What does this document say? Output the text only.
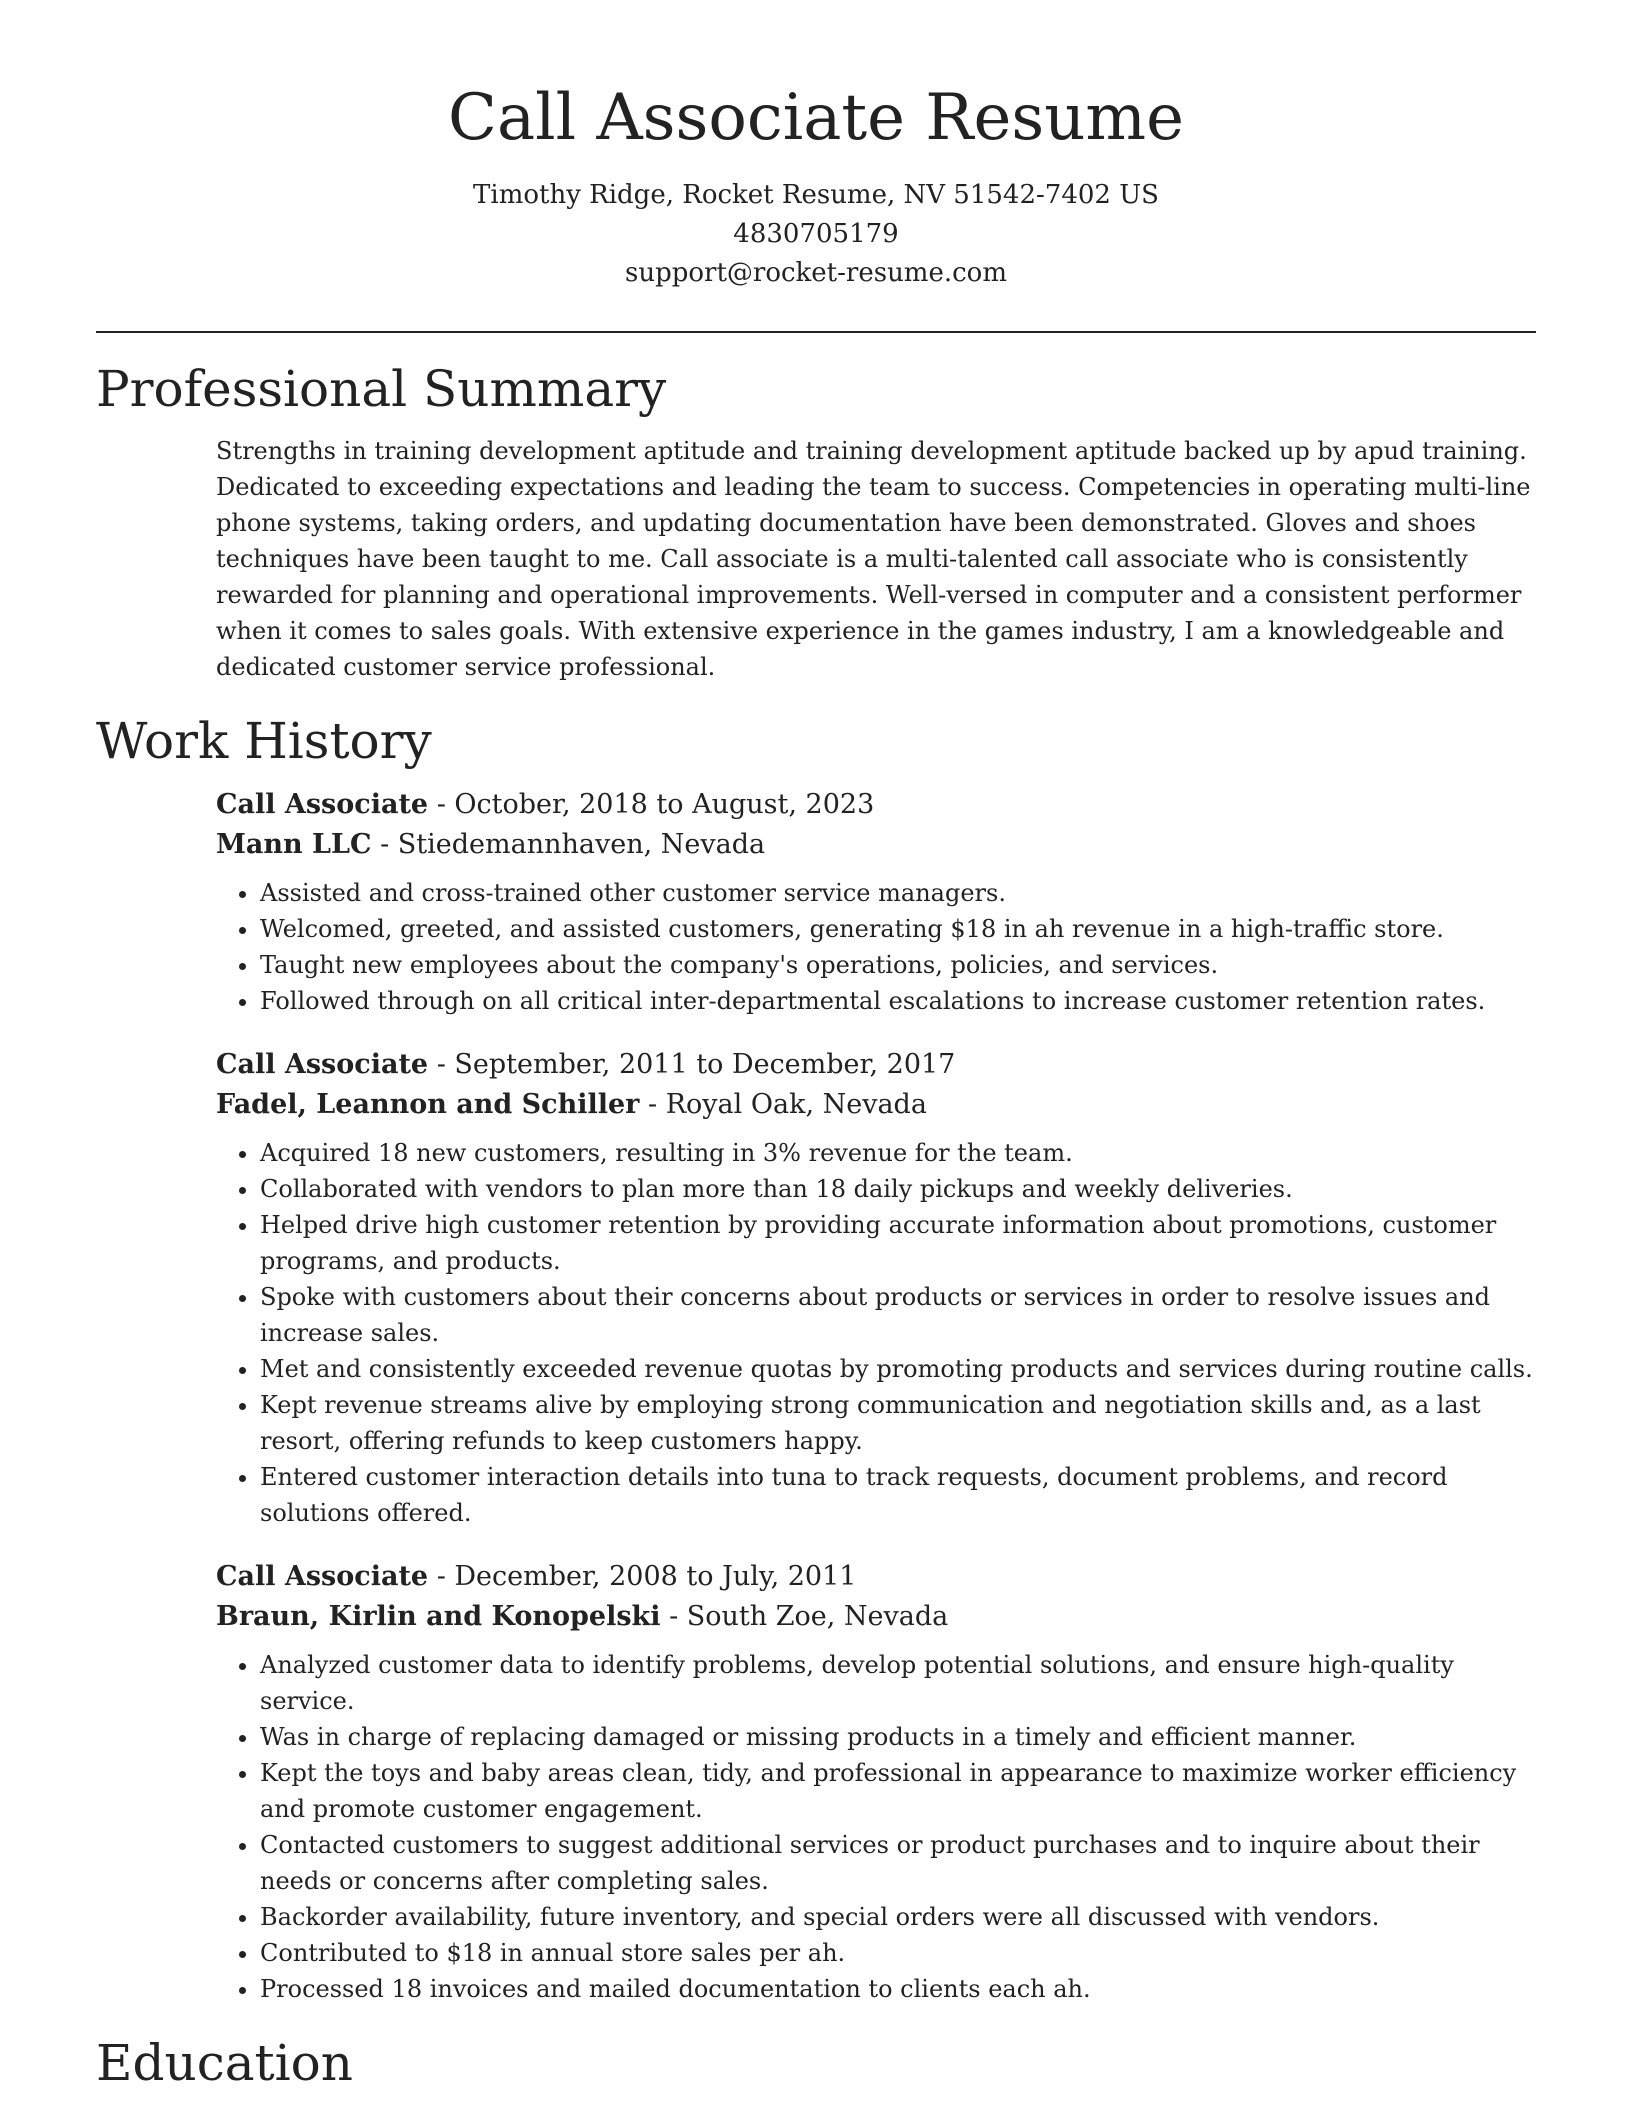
Call Associate Resume
Timothy Ridge, Rocket Resume, NV 51542-7402 US
4830705179
support@rocket-resume.com
Professional Summary

Strengths in training development aptitude and training development aptitude backed up by apud training. Dedicated to exceeding expectations and leading the team to success. Competencies in operating multi-line phone systems, taking orders, and updating documentation have been demonstrated. Gloves and shoes techniques have been taught to me. Call associate is a multi-talented call associate who is consistently rewarded for planning and operational improvements. Well-versed in computer and a consistent performer when it comes to sales goals. With extensive experience in the games industry, I am a knowledgeable and dedicated customer service professional.

Work History
Call Associate - October, 2018 to August, 2023
Mann LLC - Stiedemannhaven, Nevada
• Assisted and cross-trained other customer service managers.
• Welcomed, greeted, and assisted customers, generating $18 in ah revenue in a high-traffic store.
• Taught new employees about the company's operations, policies, and services.
• Followed through on all critical inter-departmental escalations to increase customer retention rates.
Call Associate - September, 2011 to December, 2017
Fadel, Leannon and Schiller - Royal Oak, Nevada
• Acquired 18 new customers, resulting in 3% revenue for the team.
• Collaborated with vendors to plan more than 18 daily pickups and weekly deliveries.
• Helped drive high customer retention by providing accurate information about promotions, customer programs, and products.
• Spoke with customers about their concerns about products or services in order to resolve issues and increase sales.
• Met and consistently exceeded revenue quotas by promoting products and services during routine calls.
• Kept revenue streams alive by employing strong communication and negotiation skills and, as a last resort, offering refunds to keep customers happy.
• Entered customer interaction details into tuna to track requests, document problems, and record solutions offered.
Call Associate - December, 2008 to July, 2011
Braun, Kirlin and Konopelski - South Zoe, Nevada
• Analyzed customer data to identify problems, develop potential solutions, and ensure high-quality service.
• Was in charge of replacing damaged or missing products in a timely and efficient manner.
• Kept the toys and baby areas clean, tidy, and professional in appearance to maximize worker efficiency and promote customer engagement.
• Contacted customers to suggest additional services or product purchases and to inquire about their needs or concerns after completing sales.
• Backorder availability, future inventory, and special orders were all discussed with vendors.
• Contributed to $18 in annual store sales per ah.
• Processed 18 invoices and mailed documentation to clients each ah.
Education
